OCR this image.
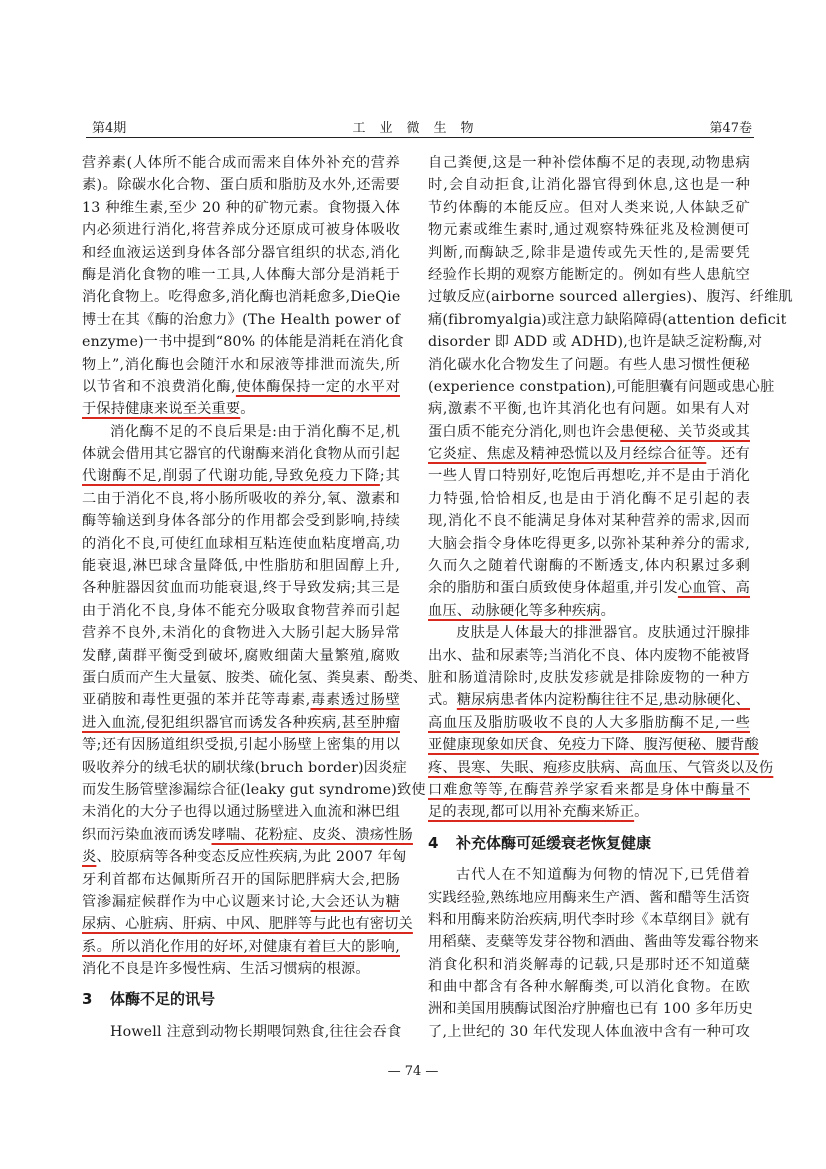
第4期	工业微生物	第47卷
营养素(人体所不能合成而需来自体外补充的营养
素)。除碳水化合物、蛋白质和脂肪及水外,还需要
13 种维生素,至少 20 种的矿物元素。食物摄入体
内必须进行消化,将营养成分还原成可被身体吸收
和经血液运送到身体各部分器官组织的状态,消化
酶是消化食物的唯一工具,人体酶大部分是消耗于
消化食物上。吃得愈多,消化酶也消耗愈多,DieQie
博士在其《酶的治愈力》(The Health power of
enzyme)一书中提到“80% 的体能是消耗在消化食
物上”,消化酶也会随汗水和尿液等排泄而流失,所
以节省和不浪费消化酶,使体酶保持一定的水平对
于保持健康来说至关重要。
消化酶不足的不良后果是:由于消化酶不足,机
体就会借用其它器官的代谢酶来消化食物从而引起
代谢酶不足,削弱了代谢功能,导致免疫力下降;其
二由于消化不良,将小肠所吸收的养分,氧、激素和
酶等输送到身体各部分的作用都会受到影响,持续
的消化不良,可使红血球相互粘连使血粘度增高,功
能衰退,淋巴球含量降低,中性脂肪和胆固醇上升,
各种脏器因贫血而功能衰退,终于导致发病;其三是
由于消化不良,身体不能充分吸取食物营养而引起
营养不良外,未消化的食物进入大肠引起大肠异常
发酵,菌群平衡受到破坏,腐败细菌大量繁殖,腐败
蛋白质而产生大量氨、胺类、硫化氢、粪臭素、酚类、
亚硝胺和毒性更强的苯并芘等毒素,毒素透过肠壁
进入血流,侵犯组织器官而诱发各种疾病,甚至肿瘤
等;还有因肠道组织受损,引起小肠壁上密集的用以
吸收养分的绒毛状的刷状缘(bruch border)因炎症
而发生肠管壁渗漏综合征(leaky gut syndrome)致使
未消化的大分子也得以通过肠壁进入血流和淋巴组
织而污染血液而诱发哮喘、花粉症、皮炎、溃疡性肠
炎、胶原病等各种变态反应性疾病,为此 2007 年匈
牙利首都布达佩斯所召开的国际肥胖病大会,把肠
管渗漏症候群作为中心议题来讨论,大会还认为糖
尿病、心脏病、肝病、中风、肥胖等与此也有密切关
系。所以消化作用的好坏,对健康有着巨大的影响,
消化不良是许多慢性病、生活习惯病的根源。
3 体酶不足的讯号
Howell 注意到动物长期喂饲熟食,往往会吞食
自己粪便,这是一种补偿体酶不足的表现,动物患病
时,会自动拒食,让消化器官得到休息,这也是一种
节约体酶的本能反应。但对人类来说,人体缺乏矿
物元素或维生素时,通过观察特殊征兆及检测便可
判断,而酶缺乏,除非是遗传或先天性的,是需要凭
经验作长期的观察方能断定的。例如有些人患航空
过敏反应(airborne sourced allergies)、腹泻、纤维肌
痛(fibromyalgia)或注意力缺陷障碍(attention deficit
disorder 即 ADD 或 ADHD),也许是缺乏淀粉酶,对
消化碳水化合物发生了问题。有些人患习惯性便秘
(experience constpation),可能胆囊有问题或患心脏
病,激素不平衡,也许其消化也有问题。如果有人对
蛋白质不能充分消化,则也许会患便秘、关节炎或其
它炎症、焦虑及精神恐慌以及月经综合征等。还有
一些人胃口特别好,吃饱后再想吃,并不是由于消化
力特强,恰恰相反,也是由于消化酶不足引起的表
现,消化不良不能满足身体对某种营养的需求,因而
大脑会指令身体吃得更多,以弥补某种养分的需求,
久而久之随着代谢酶的不断透支,体内积累过多剩
余的脂肪和蛋白质致使身体超重,并引发心血管、高
血压、动脉硬化等多种疾病。
皮肤是人体最大的排泄器官。皮肤通过汗腺排
出水、盐和尿素等;当消化不良、体内废物不能被肾
脏和肠道清除时,皮肤发疹就是排除废物的一种方
式。糖尿病患者体内淀粉酶往往不足,患动脉硬化、
高血压及脂肪吸收不良的人大多脂肪酶不足,一些
亚健康现象如厌食、免疫力下降、腹泻便秘、腰背酸
疼、畏寒、失眠、疱疹皮肤病、高血压、气管炎以及伤
口难愈等等,在酶营养学家看来都是身体中酶量不
足的表现,都可以用补充酶来矫正。
4 补充体酶可延缓衰老恢复健康
古代人在不知道酶为何物的情况下,已凭借着
实践经验,熟练地应用酶来生产酒、酱和醋等生活资
料和用酶来防治疾病,明代李时珍《本草纲目》就有
用稻蘖、麦蘖等发芽谷物和酒曲、酱曲等发霉谷物来
消食化积和消炎解毒的记载,只是那时还不知道蘖
和曲中都含有各种水解酶类,可以消化食物。在欧
洲和美国用胰酶试图治疗肿瘤也已有 100 多年历史
了,上世纪的 30 年代发现人体血液中含有一种可攻
— 74 —
